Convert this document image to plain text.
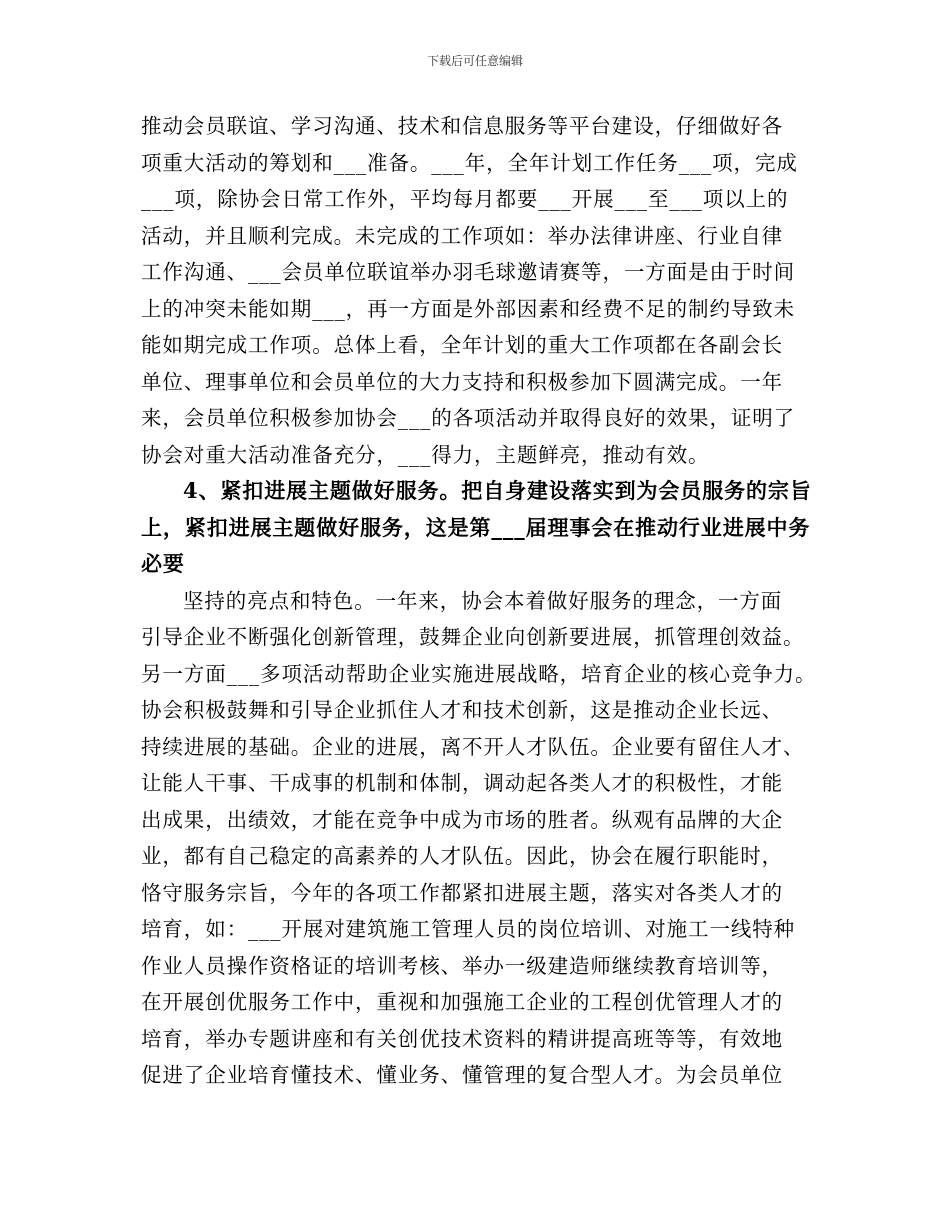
下载后可任意编辑
推动会员联谊、学习沟通、技术和信息服务等平台建设，仔细做好各
项重大活动的筹划和___准备。___年，全年计划工作任务___项，完成
___项，除协会日常工作外，平均每月都要___开展___至___项以上的
活动，并且顺利完成。未完成的工作项如：举办法律讲座、行业自律
工作沟通、___会员单位联谊举办羽毛球邀请赛等，一方面是由于时间
上的冲突未能如期___，再一方面是外部因素和经费不足的制约导致未
能如期完成工作项。总体上看，全年计划的重大工作项都在各副会长
单位、理事单位和会员单位的大力支持和积极参加下圆满完成。一年
来，会员单位积极参加协会___的各项活动并取得良好的效果，证明了
协会对重大活动准备充分，___得力，主题鲜亮，推动有效。
4、紧扣进展主题做好服务。把自身建设落实到为会员服务的宗旨
上，紧扣进展主题做好服务，这是第___届理事会在推动行业进展中务
必要
坚持的亮点和特色。一年来，协会本着做好服务的理念，一方面
引导企业不断强化创新管理，鼓舞企业向创新要进展，抓管理创效益。
另一方面___多项活动帮助企业实施进展战略，培育企业的核心竞争力。
协会积极鼓舞和引导企业抓住人才和技术创新，这是推动企业长远、
持续进展的基础。企业的进展，离不开人才队伍。企业要有留住人才、
让能人干事、干成事的机制和体制，调动起各类人才的积极性，才能
出成果，出绩效，才能在竞争中成为市场的胜者。纵观有品牌的大企
业，都有自己稳定的高素养的人才队伍。因此，协会在履行职能时，
恪守服务宗旨，今年的各项工作都紧扣进展主题，落实对各类人才的
培育，如：___开展对建筑施工管理人员的岗位培训、对施工一线特种
作业人员操作资格证的培训考核、举办一级建造师继续教育培训等，
在开展创优服务工作中，重视和加强施工企业的工程创优管理人才的
培育，举办专题讲座和有关创优技术资料的精讲提高班等等，有效地
促进了企业培育懂技术、懂业务、懂管理的复合型人才。为会员单位
